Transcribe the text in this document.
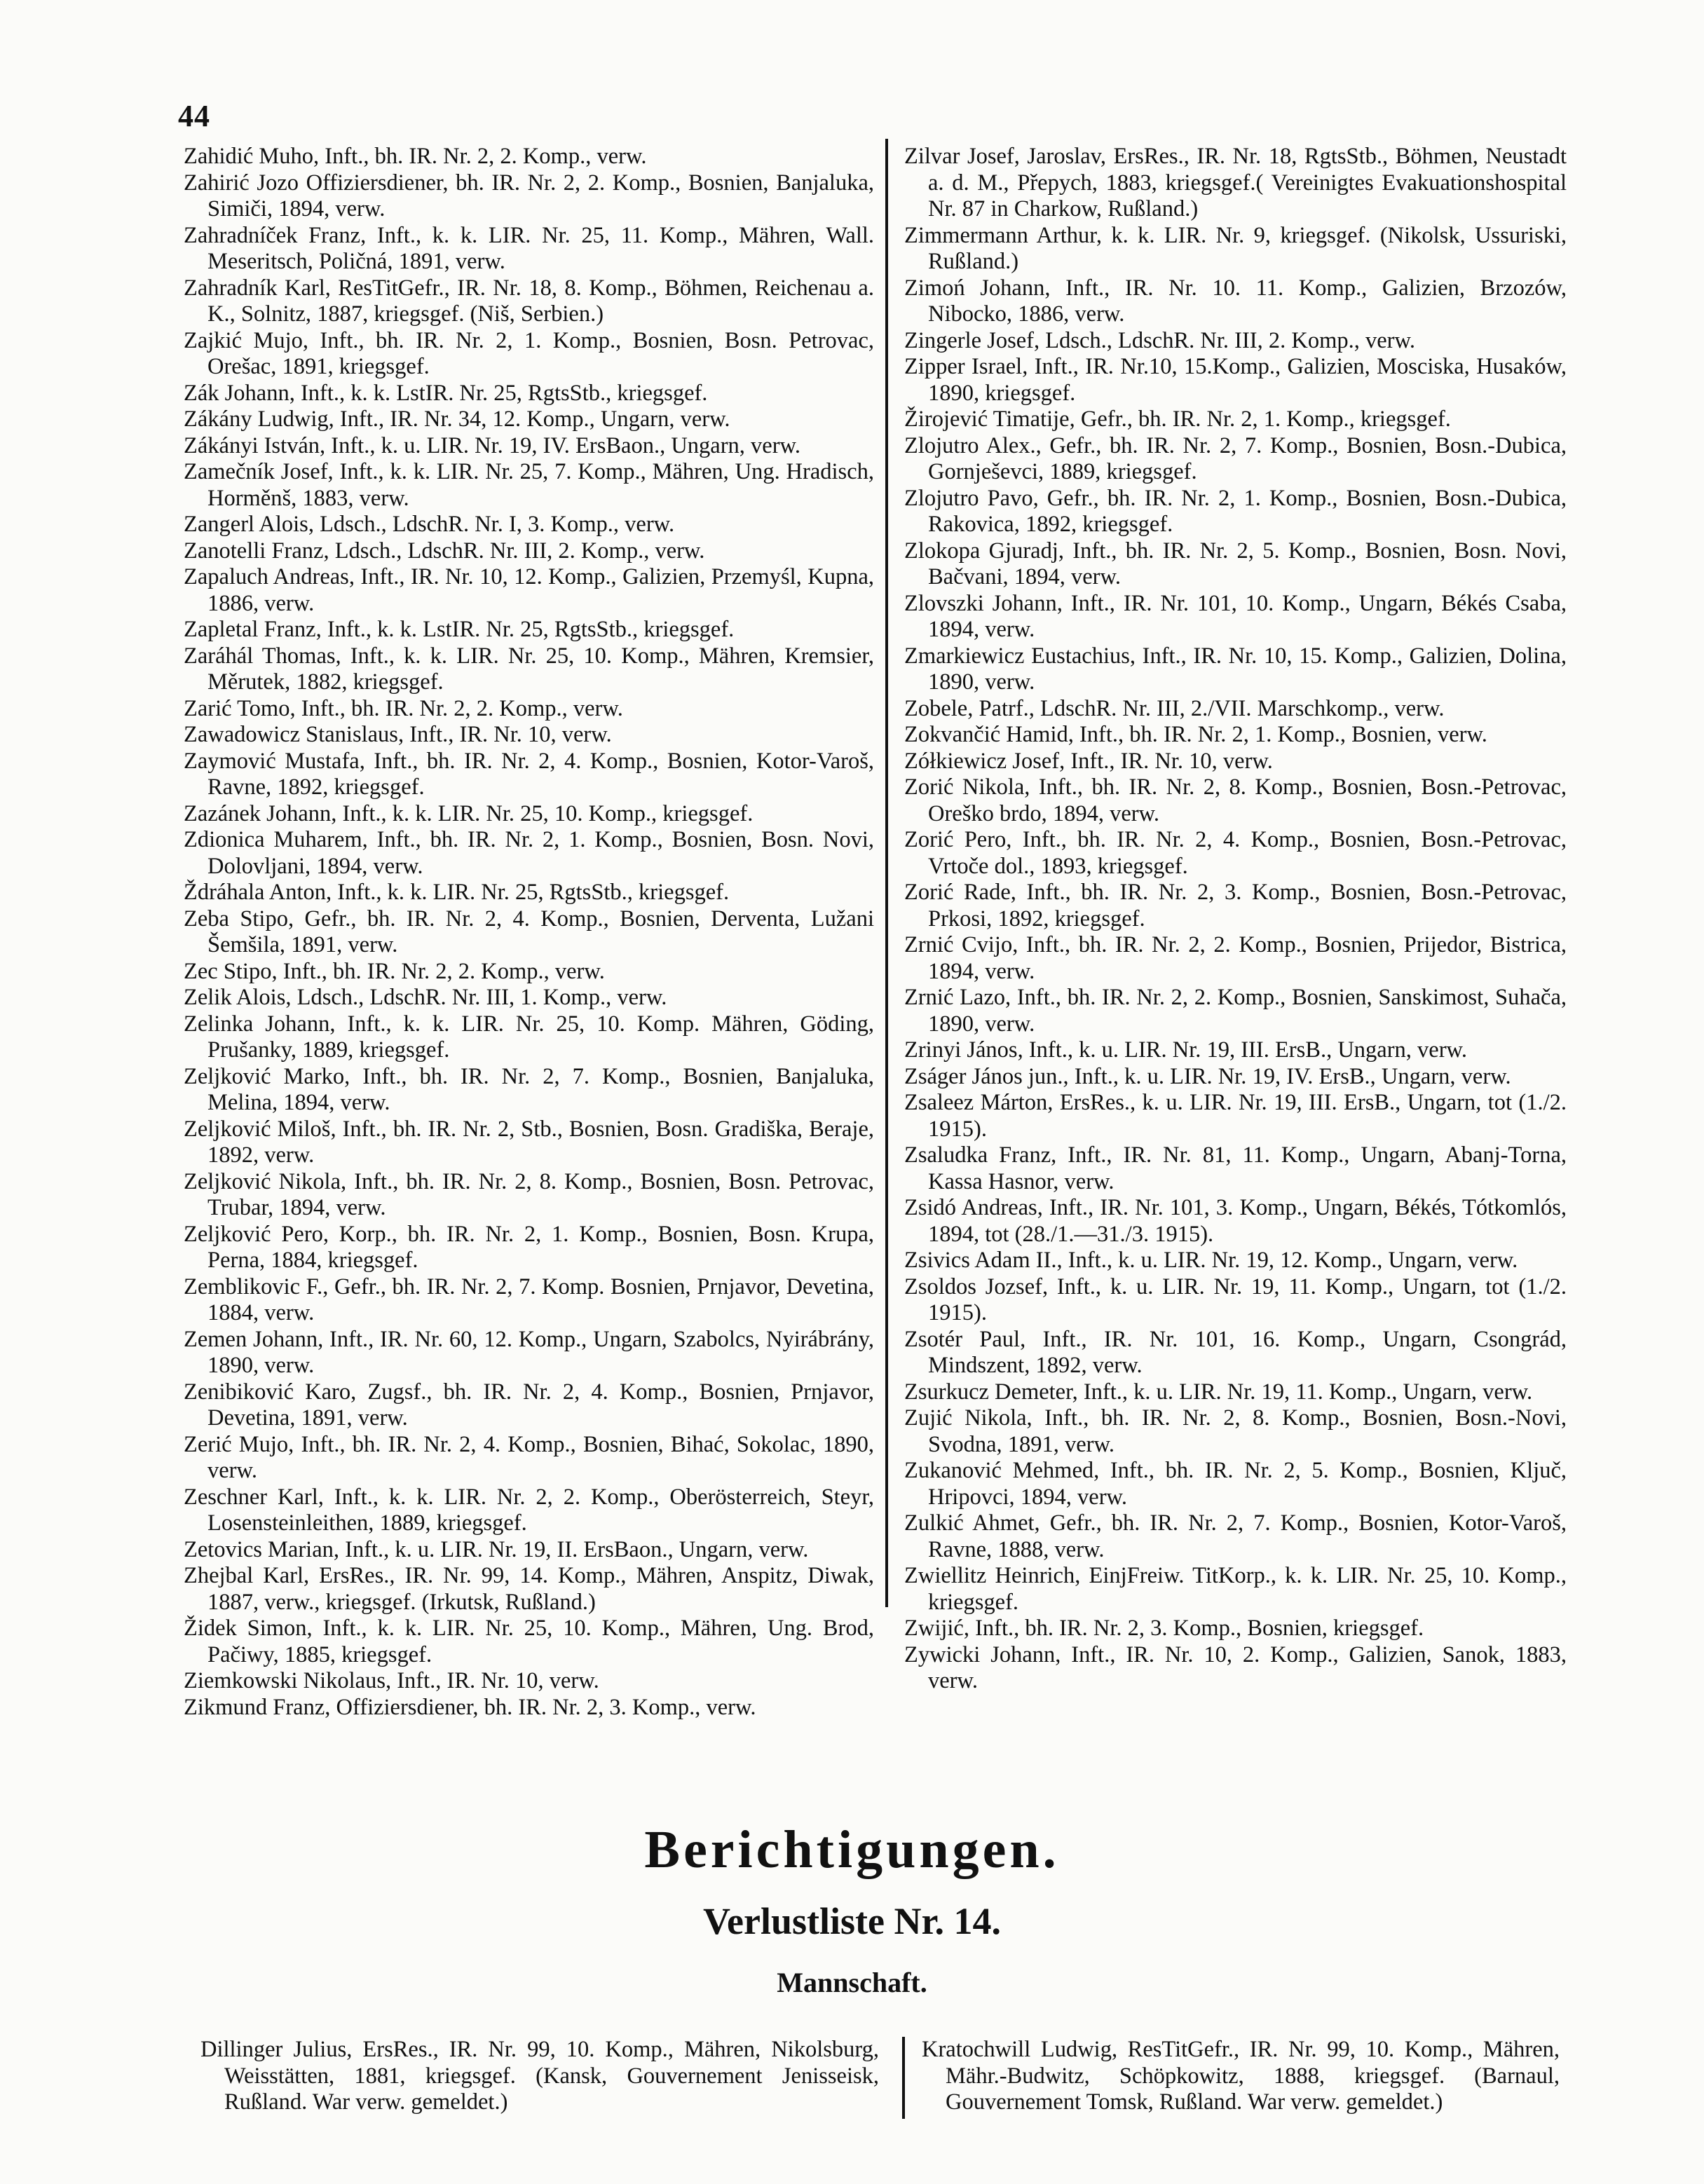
44

Zahidić Muho, Inft., bh. IR. Nr. 2, 2. Komp., verw.

Zahirić Jozo Offiziersdiener, bh. IR. Nr. 2, 2. Komp., Bosnien, Banjaluka, Simiči, 1894, verw.

Zahradníček Franz, Inft., k. k. LIR. Nr. 25, 11. Komp., Mähren, Wall. Meseritsch, Poličná, 1891, verw.

Zahradník Karl, ResTitGefr., IR. Nr. 18, 8. Komp., Böhmen, Reichenau a. K., Solnitz, 1887, kriegsgef. (Niš, Serbien.)

Zajkić Mujo, Inft., bh. IR. Nr. 2, 1. Komp., Bosnien, Bosn. Petrovac, Orešac, 1891, kriegsgef.

Zák Johann, Inft., k. k. LstIR. Nr. 25, RgtsStb., kriegsgef.

Zákány Ludwig, Inft., IR. Nr. 34, 12. Komp., Ungarn, verw.

Zákányi István, Inft., k. u. LIR. Nr. 19, IV. ErsBaon., Ungarn, verw.

Zamečník Josef, Inft., k. k. LIR. Nr. 25, 7. Komp., Mähren, Ung. Hradisch, Horměnš, 1883, verw.

Zangerl Alois, Ldsch., LdschR. Nr. I, 3. Komp., verw.

Zanotelli Franz, Ldsch., LdschR. Nr. III, 2. Komp., verw.

Zapaluch Andreas, Inft., IR. Nr. 10, 12. Komp., Galizien, Przemyśl, Kupna, 1886, verw.

Zapletal Franz, Inft., k. k. LstIR. Nr. 25, RgtsStb., kriegsgef.

Zaráhál Thomas, Inft., k. k. LIR. Nr. 25, 10. Komp., Mähren, Kremsier, Měrutek, 1882, kriegsgef.

Zarić Tomo, Inft., bh. IR. Nr. 2, 2. Komp., verw.

Zawadowicz Stanislaus, Inft., IR. Nr. 10, verw.

Zaymović Mustafa, Inft., bh. IR. Nr. 2, 4. Komp., Bosnien, Kotor-Varoš, Ravne, 1892, kriegsgef.

Zazánek Johann, Inft., k. k. LIR. Nr. 25, 10. Komp., kriegsgef.

Zdionica Muharem, Inft., bh. IR. Nr. 2, 1. Komp., Bosnien, Bosn. Novi, Dolovljani, 1894, verw.

Ždráhala Anton, Inft., k. k. LIR. Nr. 25, RgtsStb., kriegsgef.

Zeba Stipo, Gefr., bh. IR. Nr. 2, 4. Komp., Bosnien, Derventa, Lužani Šemšila, 1891, verw.

Zec Stipo, Inft., bh. IR. Nr. 2, 2. Komp., verw.

Zelik Alois, Ldsch., LdschR. Nr. III, 1. Komp., verw.

Zelinka Johann, Inft., k. k. LIR. Nr. 25, 10. Komp. Mähren, Göding, Prušanky, 1889, kriegsgef.

Zeljković Marko, Inft., bh. IR. Nr. 2, 7. Komp., Bosnien, Banjaluka, Melina, 1894, verw.

Zeljković Miloš, Inft., bh. IR. Nr. 2, Stb., Bosnien, Bosn. Gradiška, Beraje, 1892, verw.

Zeljković Nikola, Inft., bh. IR. Nr. 2, 8. Komp., Bosnien, Bosn. Petrovac, Trubar, 1894, verw.

Zeljković Pero, Korp., bh. IR. Nr. 2, 1. Komp., Bosnien, Bosn. Krupa, Perna, 1884, kriegsgef.

Zemblikovic F., Gefr., bh. IR. Nr. 2, 7. Komp. Bosnien, Prnjavor, Devetina, 1884, verw.

Zemen Johann, Inft., IR. Nr. 60, 12. Komp., Ungarn, Szabolcs, Nyirábrány, 1890, verw.

Zenibiković Karo, Zugsf., bh. IR. Nr. 2, 4. Komp., Bosnien, Prnjavor, Devetina, 1891, verw.

Zerić Mujo, Inft., bh. IR. Nr. 2, 4. Komp., Bosnien, Bihać, Sokolac, 1890, verw.

Zeschner Karl, Inft., k. k. LIR. Nr. 2, 2. Komp., Oberösterreich, Steyr, Losensteinleithen, 1889, kriegsgef.

Zetovics Marian, Inft., k. u. LIR. Nr. 19, II. ErsBaon., Ungarn, verw.

Zhejbal Karl, ErsRes., IR. Nr. 99, 14. Komp., Mähren, Anspitz, Diwak, 1887, verw., kriegsgef. (Irkutsk, Rußland.)

Židek Simon, Inft., k. k. LIR. Nr. 25, 10. Komp., Mähren, Ung. Brod, Pačiwy, 1885, kriegsgef.

Ziemkowski Nikolaus, Inft., IR. Nr. 10, verw.

Zikmund Franz, Offiziersdiener, bh. IR. Nr. 2, 3. Komp., verw.

Zilvar Josef, Jaroslav, ErsRes., IR. Nr. 18, RgtsStb., Böhmen, Neustadt a. d. M., Přepych, 1883, kriegsgef.( Vereinigtes Evakuationshospital Nr. 87 in Charkow, Rußland.)

Zimmermann Arthur, k. k. LIR. Nr. 9, kriegsgef. (Nikolsk, Ussuriski, Rußland.)

Zimoń Johann, Inft., IR. Nr. 10. 11. Komp., Galizien, Brzozów, Nibocko, 1886, verw.

Zingerle Josef, Ldsch., LdschR. Nr. III, 2. Komp., verw.

Zipper Israel, Inft., IR. Nr.10, 15.Komp., Galizien, Mosciska, Husaków, 1890, kriegsgef.

Žirojević Timatije, Gefr., bh. IR. Nr. 2, 1. Komp., kriegsgef.

Zlojutro Alex., Gefr., bh. IR. Nr. 2, 7. Komp., Bosnien, Bosn.-Dubica, Gornješevci, 1889, kriegsgef.

Zlojutro Pavo, Gefr., bh. IR. Nr. 2, 1. Komp., Bosnien, Bosn.-Dubica, Rakovica, 1892, kriegsgef.

Zlokopa Gjuradj, Inft., bh. IR. Nr. 2, 5. Komp., Bosnien, Bosn. Novi, Bačvani, 1894, verw.

Zlovszki Johann, Inft., IR. Nr. 101, 10. Komp., Ungarn, Békés Csaba, 1894, verw.

Zmarkiewicz Eustachius, Inft., IR. Nr. 10, 15. Komp., Galizien, Dolina, 1890, verw.

Zobele, Patrf., LdschR. Nr. III, 2./VII. Marschkomp., verw.

Zokvančić Hamid, Inft., bh. IR. Nr. 2, 1. Komp., Bosnien, verw.

Zółkiewicz Josef, Inft., IR. Nr. 10, verw.

Zorić Nikola, Inft., bh. IR. Nr. 2, 8. Komp., Bosnien, Bosn.-Petrovac, Oreško brdo, 1894, verw.

Zorić Pero, Inft., bh. IR. Nr. 2, 4. Komp., Bosnien, Bosn.-Petrovac, Vrtoče dol., 1893, kriegsgef.

Zorić Rade, Inft., bh. IR. Nr. 2, 3. Komp., Bosnien, Bosn.-Petrovac, Prkosi, 1892, kriegsgef.

Zrnić Cvijo, Inft., bh. IR. Nr. 2, 2. Komp., Bosnien, Prijedor, Bistrica, 1894, verw.

Zrnić Lazo, Inft., bh. IR. Nr. 2, 2. Komp., Bosnien, Sanskimost, Suhača, 1890, verw.

Zrinyi János, Inft., k. u. LIR. Nr. 19, III. ErsB., Ungarn, verw.

Zságer János jun., Inft., k. u. LIR. Nr. 19, IV. ErsB., Ungarn, verw.

Zsaleez Márton, ErsRes., k. u. LIR. Nr. 19, III. ErsB., Ungarn, tot (1./2. 1915).

Zsaludka Franz, Inft., IR. Nr. 81, 11. Komp., Ungarn, Abanj-Torna, Kassa Hasnor, verw.

Zsidó Andreas, Inft., IR. Nr. 101, 3. Komp., Ungarn, Békés, Tótkomlós, 1894, tot (28./1.—31./3. 1915).

Zsivics Adam II., Inft., k. u. LIR. Nr. 19, 12. Komp., Ungarn, verw.

Zsoldos Jozsef, Inft., k. u. LIR. Nr. 19, 11. Komp., Ungarn, tot (1./2. 1915).

Zsotér Paul, Inft., IR. Nr. 101, 16. Komp., Ungarn, Csongrád, Mindszent, 1892, verw.

Zsurkucz Demeter, Inft., k. u. LIR. Nr. 19, 11. Komp., Ungarn, verw.

Zujić Nikola, Inft., bh. IR. Nr. 2, 8. Komp., Bosnien, Bosn.-Novi, Svodna, 1891, verw.

Zukanović Mehmed, Inft., bh. IR. Nr. 2, 5. Komp., Bosnien, Ključ, Hripovci, 1894, verw.

Zulkić Ahmet, Gefr., bh. IR. Nr. 2, 7. Komp., Bosnien, Kotor-Varoš, Ravne, 1888, verw.

Zwiellitz Heinrich, EinjFreiw. TitKorp., k. k. LIR. Nr. 25, 10. Komp., kriegsgef.

Zwijić, Inft., bh. IR. Nr. 2, 3. Komp., Bosnien, kriegsgef.

Zywicki Johann, Inft., IR. Nr. 10, 2. Komp., Galizien, Sanok, 1883, verw.

Berichtigungen.
Verlustliste Nr. 14.
Mannschaft.

Dillinger Julius, ErsRes., IR. Nr. 99, 10. Komp., Mähren, Nikolsburg, Weisstätten, 1881, kriegsgef. (Kansk, Gouvernement Jenisseisk, Rußland. War verw. gemeldet.)

Kratochwill Ludwig, ResTitGefr., IR. Nr. 99, 10. Komp., Mähren, Mähr.-Budwitz, Schöpkowitz, 1888, kriegsgef. (Barnaul, Gouvernement Tomsk, Rußland. War verw. gemeldet.)
